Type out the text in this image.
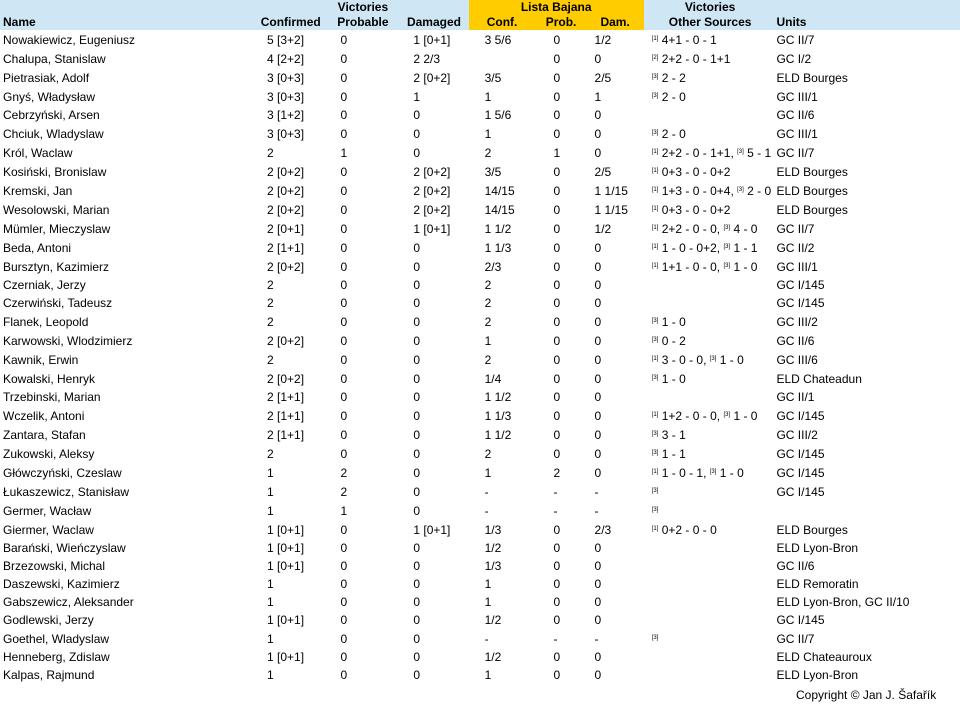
		Victories		Lista Bajana			Victories	
Name	Confirmed	Probable	Damaged	Conf.	Prob.	Dam.	Other Sources	Units
Nowakiewicz, Eugeniusz	5 [3+2]	0	1 [0+1]	3 5/6	0	1/2	[1] 4+1 - 0 - 1	GC II/7
Chalupa, Stanislaw	4 [2+2]	0	2 2/3		0	0	[2] 2+2 - 0 - 1+1	GC I/2
Pietrasiak, Adolf	3 [0+3]	0	2 [0+2]	3/5	0	2/5	[3] 2 - 2	ELD Bourges
Gnyś, Władysław	3 [0+3]	0	1	1	0	1	[3] 2 - 0	GC III/1
Cebrzyński, Arsen	3 [1+2]	0	0	1 5/6	0	0		GC II/6
Chciuk, Wladyslaw	3 [0+3]	0	0	1	0	0	[3] 2 - 0	GC III/1
Król, Waclaw	2	1	0	2	1	0	[1] 2+2 - 0 - 1+1, [3] 5 - 1	GC II/7
Kosiński, Bronislaw	2 [0+2]	0	2 [0+2]	3/5	0	2/5	[1] 0+3 - 0 - 0+2	ELD Bourges
Kremski, Jan	2 [0+2]	0	2 [0+2]	14/15	0	1 1/15	[1] 1+3 - 0 - 0+4, [3] 2 - 0	ELD Bourges
Wesolowski, Marian	2 [0+2]	0	2 [0+2]	14/15	0	1 1/15	[1] 0+3 - 0 - 0+2	ELD Bourges
Mümler, Mieczyslaw	2 [0+1]	0	1 [0+1]	1 1/2	0	1/2	[1] 2+2 - 0 - 0, [3] 4 - 0	GC II/7
Beda, Antoni	2 [1+1]	0	0	1 1/3	0	0	[1] 1 - 0 - 0+2, [3] 1 - 1	GC II/2
Bursztyn, Kazimierz	2 [0+2]	0	0	2/3	0	0	[1] 1+1 - 0 - 0, [3] 1 - 0	GC III/1
Czerniak, Jerzy	2	0	0	2	0	0		GC I/145
Czerwiński, Tadeusz	2	0	0	2	0	0		GC I/145
Flanek, Leopold	2	0	0	2	0	0	[3] 1 - 0	GC III/2
Karwowski, Wlodzimierz	2 [0+2]	0	0	1	0	0	[3] 0 - 2	GC II/6
Kawnik, Erwin	2	0	0	2	0	0	[1] 3 - 0 - 0, [3] 1 - 0	GC III/6
Kowalski, Henryk	2 [0+2]	0	0	1/4	0	0	[3] 1 - 0	ELD Chateadun
Trzebinski, Marian	2 [1+1]	0	0	1 1/2	0	0		GC II/1
Wczelik, Antoni	2 [1+1]	0	0	1 1/3	0	0	[1] 1+2 - 0 - 0, [3] 1 - 0	GC I/145
Zantara, Stafan	2 [1+1]	0	0	1 1/2	0	0	[3] 3 - 1	GC III/2
Zukowski, Aleksy	2	0	0	2	0	0	[3] 1 - 1	GC I/145
Główczyński, Czeslaw	1	2	0	1	2	0	[1] 1 - 0 - 1, [3] 1 - 0	GC I/145
Łukaszewicz, Stanisław	1	2	0	-	-	-	[3]	GC I/145
Germer, Wacław	1	1	0	-	-	-	[3]	
Giermer, Waclaw	1 [0+1]	0	1 [0+1]	1/3	0	2/3	[1] 0+2 - 0 - 0	ELD Bourges
Barański, Wieńczyslaw	1 [0+1]	0	0	1/2	0	0		ELD Lyon-Bron
Brzezowski, Michal	1 [0+1]	0	0	1/3	0	0		GC II/6
Daszewski, Kazimierz	1	0	0	1	0	0		ELD Remoratin
Gabszewicz, Aleksander	1	0	0	1	0	0		ELD Lyon-Bron, GC II/10
Godlewski, Jerzy	1 [0+1]	0	0	1/2	0	0		GC I/145
Goethel, Wladyslaw	1	0	0	-	-	-	[3]	GC II/7
Henneberg, Zdislaw	1 [0+1]	0	0	1/2	0	0		ELD Chateauroux
Kalpas, Rajmund	1	0	0	1	0	0		ELD Lyon-Bron
Copyright © Jan J. Šafařík
